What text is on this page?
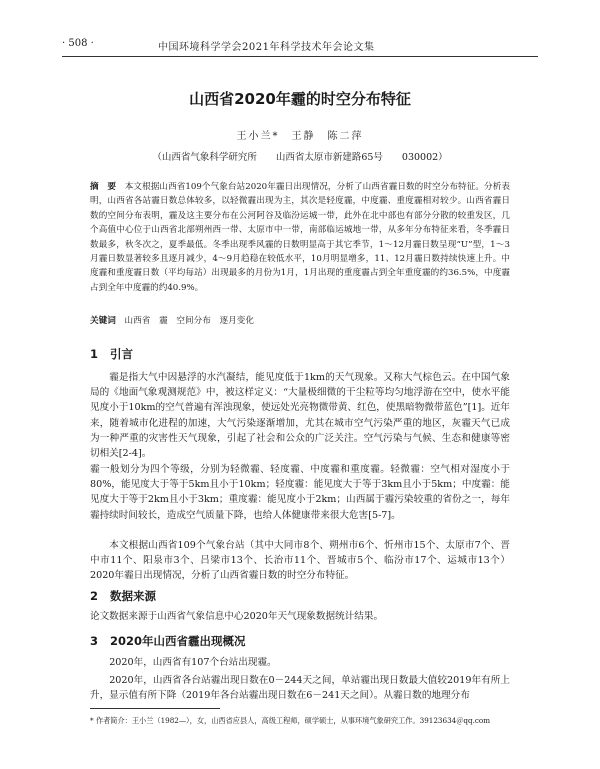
· 508 ·	中国环境科学学会2021年科学技术年会论文集
山西省2020年霾的时空分布特征
王小兰*　王静　陈二萍
（山西省气象科学研究所　　山西省太原市新建路65号　　030002）
摘　要　 本文根据山西省109个气象台站2020年霾日出现情况，分析了山西省霾日数的时空分布特征。分析表明，山西省各站霾日数总体较多，以轻微霾出现为主，其次是轻度霾，中度霾、重度霾相对较少。山西省霾日数的空间分布表明，霾及这主要分布在公河阿谷及临汾运城一带，此外在北中部也有部分分散的较重发区，几个高值中心位于山西省北部朔州西一带、太原市中一带，南部临运城地一带，从多年分布特征来看，冬季霾日数最多，秋冬次之，夏季最低。冬季出现季风霾的日数明显高于其它季节，1～12月霾日数呈现“U”型，1～3月霾日数显著较多且逐月减少，4～9月趋稳在较低水平，10月明显增多，11、12月霾日数持续快速上升。中度霾和重度霾日数（平均每站）出现最多的月份为1月，1月出现的重度霾占到全年重度霾的约36.5%，中度霾占到全年中度霾的约40.9%。
关键词 山西省 霾 空间分布 逐月变化
1 引言

霾是指大气中因悬浮的水汽凝结，能见度低于1km的天气现象。又称大气棕色云。在中国气象局的《地面气象观测规范》中，被这样定义：“大量极细微的干尘粒等均匀地浮游在空中，使水平能见度小于10km的空气普遍有浑浊现象，使远处光亮物微带黄、红色，使黑暗物微带蓝色”[1]。近年来，随着城市化进程的加速，大气污染逐渐增加，尤其在城市空气污染严重的地区，灰霾天气已成为一种严重的灾害性天气现象，引起了社会和公众的广泛关注。空气污染与气候、生态和健康等密切相关[2-4]。

霾一般划分为四个等级，分别为轻微霾、轻度霾、中度霾和重度霾。轻微霾：空气相对湿度小于80%，能见度大于等于5km且小于10km；轻度霾：能见度大于等于3km且小于5km；中度霾：能见度大于等于2km且小于3km；重度霾：能见度小于2km；山西属于霾污染较重的省份之一，每年霾持续时间较长，造成空气质量下降，也给人体健康带来很大危害[5-7]。

本文根据山西省109个气象台站（其中大同市8个、朔州市6个、忻州市15个、太原市7个、晋中市11个、阳泉市3个、吕梁市13个、长治市11个、晋城市5个、临汾市17个、运城市13个）2020年霾日出现情况，分析了山西省霾日数的时空分布特征。

2 数据来源

论文数据来源于山西省气象信息中心2020年天气现象数据统计结果。

3 2020年山西省霾出现概况

2020年，山西省有107个台站出现霾。

2020年，山西省各台站霾出现日数在0－244天之间，单站霾出现日数最大值较2019年有所上升，显示值有所下降（2019年各台站霾出现日数在6－241天之间）。从霾日数的地理分布

* 作者简介：王小兰（1982—），女，山西省应县人，高级工程师，硕学硕士，从事环境气象研究工作。39123634＠qq.com
